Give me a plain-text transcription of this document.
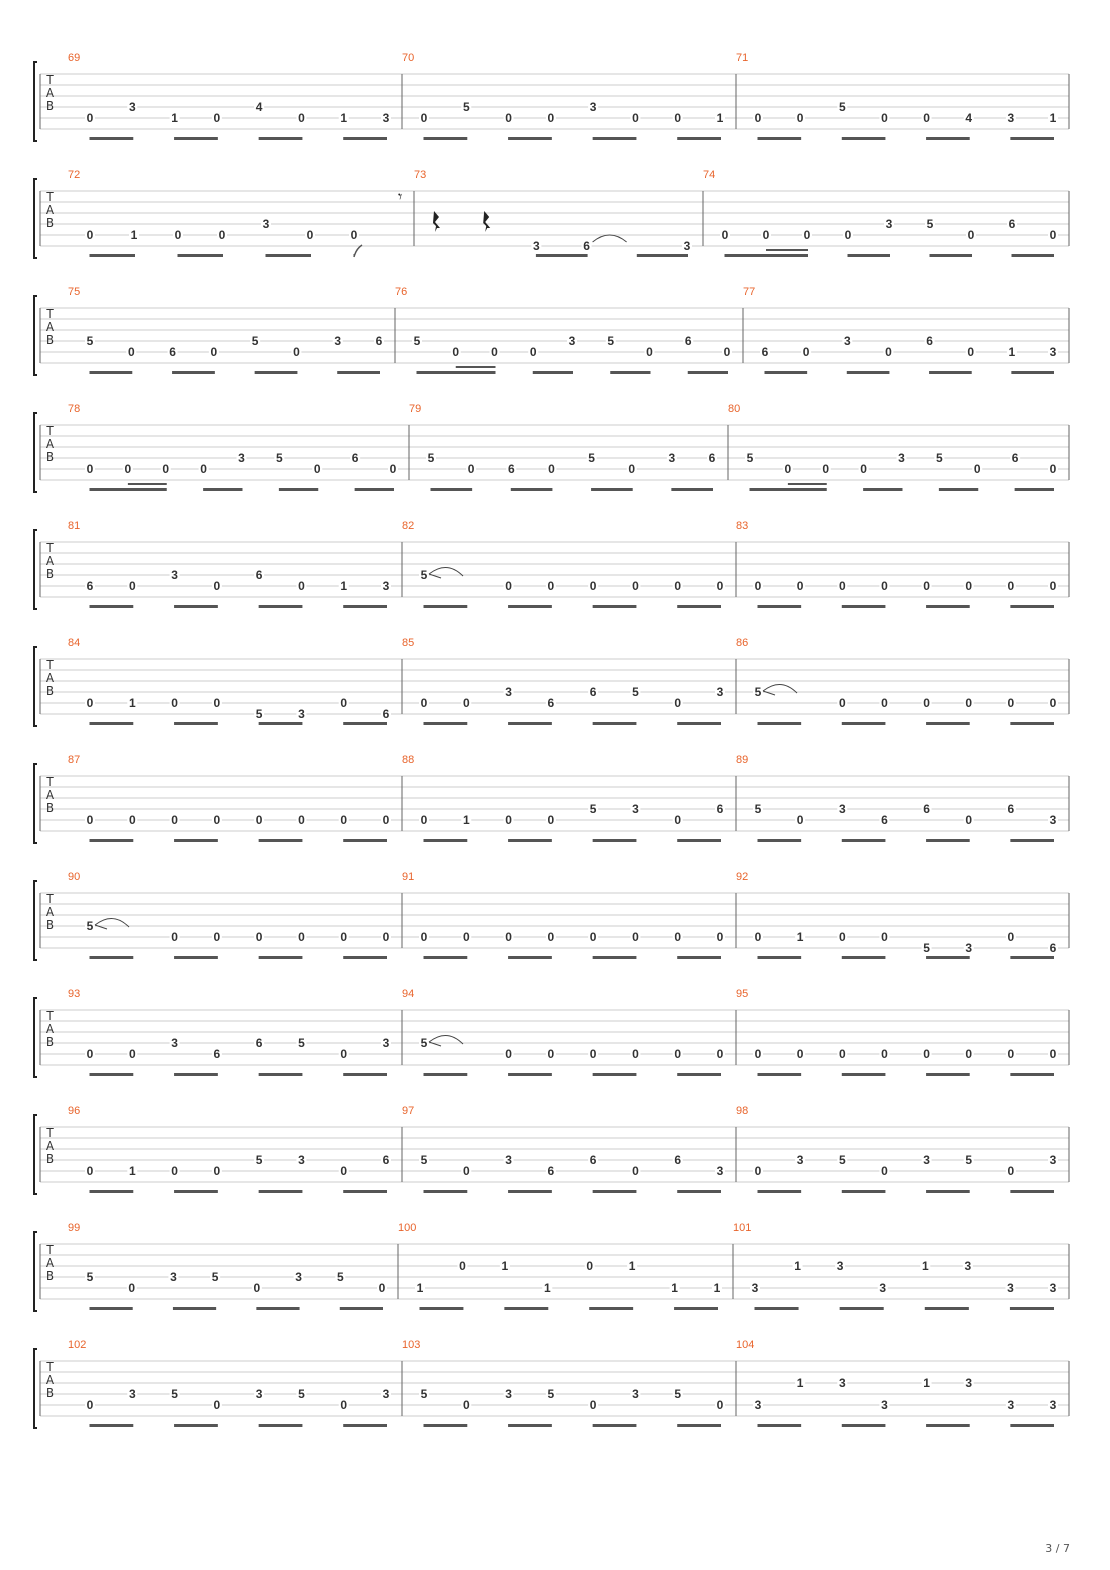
T
A
B
69
0
3
1	0
4
0	1	3
70
0
5
0	0
3
0	0	1
71
0	0
5
0	0	4	3	1
T
A
B
72
0	1	0	0
3
0	0
𝄾
73
3	6	3
74
0	0	0	0
3	5
0
6
0
T
A
B
75
5
0	6	0
5
0
3	6
76
5
0	0	0
3	5
0
6
0
77
6	0
3
0
6
0	1	3
T
A
B
78
0	0	0	0
3	5
0
6
0
79
5
0	6	0
5
0
3	6
80
5
0	0	0
3	5
0
6
0
T
A
B
81
6	0
3
0
6
0	1	3
82
5
0	0	0	0	0	0
83
0	0	0	0	0	0	0	0
T
A
B
84
0	1	0	0
5	3
0
6
85
0	0
3
6
6	5
0
3
86
5
0	0	0	0	0	0
T
A
B
87
0	0	0	0	0	0	0	0
88
0	1	0	0
5	3
0
6
89
5
0
3
6
6
0
6
3
T
A
B
90
5
0	0	0	0	0	0
91
0	0	0	0	0	0	0	0
92
0	1	0	0
5	3
0
6
T
A
B
93
0	0
3
6
6	5
0
3
94
5
0	0	0	0	0	0
95
0	0	0	0	0	0	0	0
T
A
B
96
0	1	0	0
5	3
0
6
97
5
0
3
6
6
0
6
3
98
0
3	5
0
3	5
0
3
T
A
B
99
5
0
3	5
0
3	5
0
100
1
0	1
1
0	1
1	1
101
3
1	3
3
1	3
3	3
T
A
B
102
0
3	5
0
3	5
0
3
103
5
0
3	5
0
3	5
0
104
3
1	3
3
1	3
3	3
3 / 7
